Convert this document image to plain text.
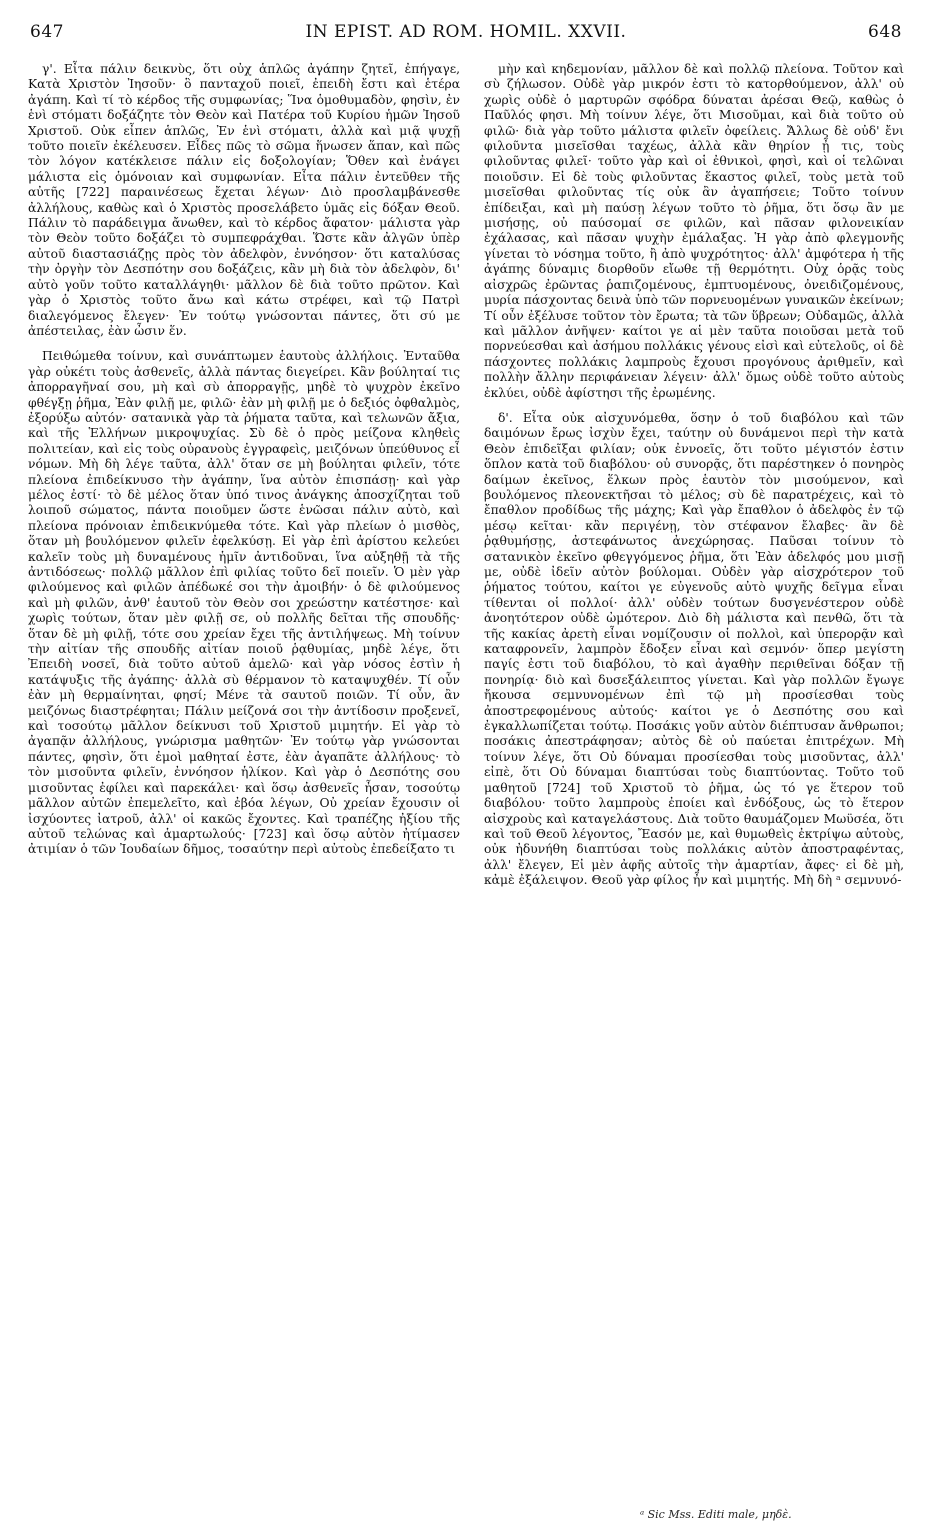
647	IN EPIST. AD ROM. HOMIL. XXVII.	648

γ'. Εἶτα πάλιν δεικνὺς, ὅτι οὐχ ἁπλῶς ἀγάπην ζητεῖ, ἐπήγαγε, Κατὰ Χριστὸν Ἰησοῦν· ὃ πανταχοῦ ποιεῖ, ἐπειδὴ ἔστι καὶ ἑτέρα ἀγάπη. Καὶ τί τὸ κέρδος τῆς συμφωνίας; Ἵνα ὁμοθυμαδὸν, φησὶν, ἐν ἑνὶ στόματι δοξάζητε τὸν Θεὸν καὶ Πατέρα τοῦ Κυρίου ἡμῶν Ἰησοῦ Χριστοῦ. Οὐκ εἶπεν ἁπλῶς, Ἐν ἑνὶ στόματι, ἀλλὰ καὶ μιᾷ ψυχῇ τοῦτο ποιεῖν ἐκέλευσεν. Εἶδες πῶς τὸ σῶμα ἥνωσεν ἅπαν, καὶ πῶς τὸν λόγον κατέκλεισε πάλιν εἰς δοξολογίαν; Ὅθεν καὶ ἐνάγει μάλιστα εἰς ὁμόνοιαν καὶ συμφωνίαν. Εἶτα πάλιν ἐντεῦθεν τῆς αὐτῆς [722] παραινέσεως ἔχεται λέγων· Διὸ προσλαμβάνεσθε ἀλλήλους, καθὼς καὶ ὁ Χριστὸς προσελάβετο ὑμᾶς εἰς δόξαν Θεοῦ. Πάλιν τὸ παράδειγμα ἄνωθεν, καὶ τὸ κέρδος ἄφατον· μάλιστα γὰρ τὸν Θεὸν τοῦτο δοξάζει τὸ συμπεφράχθαι. Ὥστε κἂν ἀλγῶν ὑπὲρ αὐτοῦ διαστασιάζῃς πρὸς τὸν ἀδελφὸν, ἐννόησον· ὅτι καταλύσας τὴν ὀργὴν τὸν Δεσπότην σου δοξάζεις, κἂν μὴ διὰ τὸν ἀδελφὸν, δι' αὐτὸ γοῦν τοῦτο καταλλάγηθι· μᾶλλον δὲ διὰ τοῦτο πρῶτον. Καὶ γὰρ ὁ Χριστὸς τοῦτο ἄνω καὶ κάτω στρέφει, καὶ τῷ Πατρὶ διαλεγόμενος ἔλεγεν· Ἐν τούτῳ γνώσονται πάντες, ὅτι σύ με ἀπέστειλας, ἐὰν ὦσιν ἕν.

Πειθώμεθα τοίνυν, καὶ συνάπτωμεν ἑαυτοὺς ἀλλήλοις. Ἐνταῦθα γὰρ οὐκέτι τοὺς ἀσθενεῖς, ἀλλὰ πάντας διεγείρει. Κἂν βούληταί τις ἀπορραγῆναί σου, μὴ καὶ σὺ ἀπορραγῇς, μηδὲ τὸ ψυχρὸν ἐκεῖνο φθέγξῃ ῥῆμα, Ἐὰν φιλῇ με, φιλῶ· ἐὰν μὴ φιλῇ με ὁ δεξιός ὀφθαλμὸς, ἐξορύξω αὐτόν· σατανικὰ γὰρ τὰ ῥήματα ταῦτα, καὶ τελωνῶν ἄξια, καὶ τῆς Ἑλλήνων μικροψυχίας. Σὺ δὲ ὁ πρὸς μείζονα κληθεὶς πολιτείαν, καὶ εἰς τοὺς οὐρανοὺς ἐγγραφεὶς, μειζόνων ὑπεύθυνος εἶ νόμων. Μὴ δὴ λέγε ταῦτα, ἀλλ' ὅταν σε μὴ βούληται φιλεῖν, τότε πλείονα ἐπιδείκνυσο τὴν ἀγάπην, ἵνα αὐτὸν ἐπισπάσῃ· καὶ γὰρ μέλος ἐστί· τὸ δὲ μέλος ὅταν ὑπό τινος ἀνάγκης ἀποσχίζηται τοῦ λοιποῦ σώματος, πάντα ποιοῦμεν ὥστε ἑνῶσαι πάλιν αὐτὸ, καὶ πλείονα πρόνοιαν ἐπιδεικνύμεθα τότε. Καὶ γὰρ πλείων ὁ μισθὸς, ὅταν μὴ βουλόμενον φιλεῖν ἐφελκύσῃ. Εἰ γὰρ ἐπὶ ἀρίστου κελεύει καλεῖν τοὺς μὴ δυναμένους ἡμῖν ἀντιδοῦναι, ἵνα αὐξηθῇ τὰ τῆς ἀντιδόσεως· πολλῷ μᾶλλον ἐπὶ φιλίας τοῦτο δεῖ ποιεῖν. Ὁ μὲν γὰρ φιλούμενος καὶ φιλῶν ἀπέδωκέ σοι τὴν ἀμοιβήν· ὁ δὲ φιλούμενος καὶ μὴ φιλῶν, ἀνθ' ἑαυτοῦ τὸν Θεὸν σοι χρεώστην κατέστησε· καὶ χωρὶς τούτων, ὅταν μὲν φιλῇ σε, οὐ πολλῆς δεῖται τῆς σπουδῆς· ὅταν δὲ μὴ φιλῇ, τότε σου χρείαν ἔχει τῆς ἀντιλήψεως. Μὴ τοίνυν τὴν αἰτίαν τῆς σπουδῆς αἰτίαν ποιοῦ ῥᾳθυμίας, μηδὲ λέγε, ὅτι Ἐπειδὴ νοσεῖ, διὰ τοῦτο αὐτοῦ ἀμελῶ· καὶ γὰρ νόσος ἐστὶν ἡ κατάψυξις τῆς ἀγάπης· ἀλλὰ σὺ θέρμανον τὸ καταψυχθέν. Τί οὖν ἐὰν μὴ θερμαίνηται, φησί; Μένε τὰ σαυτοῦ ποιῶν. Τί οὖν, ἂν μειζόνως διαστρέφηται; Πάλιν μείζονά σοι τὴν ἀντίδοσιν προξενεῖ, καὶ τοσούτῳ μᾶλλον δείκνυσι τοῦ Χριστοῦ μιμητήν. Εἰ γὰρ τὸ ἀγαπᾷν ἀλλήλους, γνώρισμα μαθητῶν· Ἐν τούτῳ γὰρ γνώσονται πάντες, φησὶν, ὅτι ἐμοὶ μαθηταί ἐστε, ἐὰν ἀγαπᾶτε ἀλλήλους· τὸ τὸν μισοῦντα φιλεῖν, ἐννόησον ἡλίκον. Καὶ γὰρ ὁ Δεσπότης σου μισοῦντας ἐφίλει καὶ παρεκάλει· καὶ ὅσῳ ἀσθενεῖς ἦσαν, τοσούτῳ μᾶλλον αὐτῶν ἐπεμελεῖτο, καὶ ἐβόα λέγων, Οὐ χρείαν ἔχουσιν οἱ ἰσχύοντες ἰατροῦ, ἀλλ' οἱ κακῶς ἔχοντες. Καὶ τραπέζης ἠξίου τῆς αὐτοῦ τελώνας καὶ ἁμαρτωλούς· [723] καὶ ὅσῳ αὐτὸν ἠτίμασεν ἀτιμίαν ὁ τῶν Ἰουδαίων δῆμος, τοσαύτην περὶ αὐτοὺς ἐπεδείξατο τι

μὴν καὶ κηδεμονίαν, μᾶλλον δὲ καὶ πολλῷ πλείονα. Τοῦτον καὶ σὺ ζήλωσον. Οὐδὲ γὰρ μικρόν ἐστι τὸ κατορθούμενον, ἀλλ' οὐ χωρὶς οὐδὲ ὁ μαρτυρῶν σφόδρα δύναται ἀρέσαι Θεῷ, καθὼς ὁ Παῦλός φησι. Μὴ τοίνυν λέγε, ὅτι Μισοῦμαι, καὶ διὰ τοῦτο οὐ φιλῶ· διὰ γὰρ τοῦτο μάλιστα φιλεῖν ὀφείλεις. Ἄλλως δὲ οὐδ' ἔνι φιλοῦντα μισεῖσθαι ταχέως, ἀλλὰ κἂν θηρίον ᾖ τις, τοὺς φιλοῦντας φιλεῖ· τοῦτο γὰρ καὶ οἱ ἐθνικοὶ, φησὶ, καὶ οἱ τελῶναι ποιοῦσιν. Εἰ δὲ τοὺς φιλοῦντας ἕκαστος φιλεῖ, τοὺς μετὰ τοῦ μισεῖσθαι φιλοῦντας τίς οὐκ ἂν ἀγαπήσειε; Τοῦτο τοίνυν ἐπίδειξαι, καὶ μὴ παύσῃ λέγων τοῦτο τὸ ῥῆμα, ὅτι ὅσῳ ἂν με μισήσῃς, οὐ παύσομαί σε φιλῶν, καὶ πᾶσαν φιλονεικίαν ἐχάλασας, καὶ πᾶσαν ψυχὴν ἐμάλαξας. Ἡ γὰρ ἀπὸ φλεγμονῆς γίνεται τὸ νόσημα τοῦτο, ἢ ἀπὸ ψυχρότητος· ἀλλ' ἀμφότερα ἡ τῆς ἀγάπης δύναμις διορθοῦν εἴωθε τῇ θερμότητι. Οὐχ ὁρᾷς τοὺς αἰσχρῶς ἐρῶντας ῥαπιζομένους, ἐμπτυομένους, ὀνειδιζομένους, μυρία πάσχοντας δεινὰ ὑπὸ τῶν πορνευομένων γυναικῶν ἐκείνων; Τί οὖν ἐξέλυσε τοῦτον τὸν ἔρωτα; τὰ τῶν ὕβρεων; Οὐδαμῶς, ἀλλὰ καὶ μᾶλλον ἀνῆψεν· καίτοι γε αἱ μὲν ταῦτα ποιοῦσαι μετὰ τοῦ πορνεύεσθαι καὶ ἀσήμου πολλάκις γένους εἰσὶ καὶ εὐτελοῦς, οἱ δὲ πάσχοντες πολλάκις λαμπροὺς ἔχουσι προγόνους ἀριθμεῖν, καὶ πολλὴν ἄλλην περιφάνειαν λέγειν· ἀλλ' ὅμως οὐδὲ τοῦτο αὐτοὺς ἐκλύει, οὐδὲ ἀφίστησι τῆς ἐρωμένης.

δ'. Εἶτα οὐκ αἰσχυνόμεθα, ὅσην ὁ τοῦ διαβόλου καὶ τῶν δαιμόνων ἔρως ἰσχὺν ἔχει, ταύτην οὐ δυνάμενοι περὶ τὴν κατὰ Θεὸν ἐπιδεῖξαι φιλίαν; οὐκ ἐννοεῖς, ὅτι τοῦτο μέγιστόν ἐστιν ὅπλον κατὰ τοῦ διαβόλου· οὐ συνορᾷς, ὅτι παρέστηκεν ὁ πονηρὸς δαίμων ἐκεῖνος, ἕλκων πρὸς ἑαυτὸν τὸν μισούμενον, καὶ βουλόμενος πλεονεκτῆσαι τὸ μέλος; σὺ δὲ παρατρέχεις, καὶ τὸ ἔπαθλον προδίδως τῆς μάχης; Καὶ γὰρ ἔπαθλον ὁ ἀδελφὸς ἐν τῷ μέσῳ κεῖται· κἂν περιγένῃ, τὸν στέφανον ἔλαβες· ἂν δὲ ῥᾳθυμήσῃς, ἀστεφάνωτος ἀνεχώρησας. Παῦσαι τοίνυν τὸ σατανικὸν ἐκεῖνο φθεγγόμενος ῥῆμα, ὅτι Ἐὰν ἀδελφός μου μισῇ με, οὐδὲ ἰδεῖν αὐτὸν βούλομαι. Οὐδὲν γὰρ αἰσχρότερον τοῦ ῥήματος τούτου, καίτοι γε εὐγενοῦς αὐτὸ ψυχῆς δεῖγμα εἶναι τίθενται οἱ πολλοί· ἀλλ' οὐδὲν τούτων δυσγενέστερον οὐδὲ ἀνοητότερον οὐδὲ ὠμότερον. Διὸ δὴ μάλιστα καὶ πενθῶ, ὅτι τὰ τῆς κακίας ἀρετὴ εἶναι νομίζουσιν οἱ πολλοὶ, καὶ ὑπερορᾷν καὶ καταφρονεῖν, λαμπρὸν ἔδοξεν εἶναι καὶ σεμνόν· ὅπερ μεγίστη παγίς ἐστι τοῦ διαβόλου, τὸ καὶ ἀγαθὴν περιθεῖναι δόξαν τῇ πονηρίᾳ· διὸ καὶ δυσεξάλειπτος γίνεται. Καὶ γὰρ πολλῶν ἔγωγε ἤκουσα σεμνυνομένων ἐπὶ τῷ μὴ προσίεσθαι τοὺς ἀποστρεφομένους αὐτούς· καίτοι γε ὁ Δεσπότης σου καὶ ἐγκαλλωπίζεται τούτῳ. Ποσάκις γοῦν αὐτὸν διέπτυσαν ἄνθρωποι; ποσάκις ἀπεστράφησαν; αὐτὸς δὲ οὐ παύεται ἐπιτρέχων. Μὴ τοίνυν λέγε, ὅτι Οὐ δύναμαι προσίεσθαι τοὺς μισοῦντας, ἀλλ' εἰπὲ, ὅτι Οὐ δύναμαι διαπτύσαι τοὺς διαπτύοντας. Τοῦτο τοῦ μαθητοῦ [724] τοῦ Χριστοῦ τὸ ῥῆμα, ὡς τό γε ἕτερον τοῦ διαβόλου· τοῦτο λαμπροὺς ἐποίει καὶ ἐνδόξους, ὡς τὸ ἕτερον αἰσχροὺς καὶ καταγελάστους. Διὰ τοῦτο θαυμάζομεν Μωϋσέα, ὅτι καὶ τοῦ Θεοῦ λέγοντος, Ἔασόν με, καὶ θυμωθεὶς ἐκτρίψω αὐτοὺς, οὐκ ἠδυνήθη διαπτύσαι τοὺς πολλάκις αὐτὸν ἀποστραφέντας, ἀλλ' ἔλεγεν, Εἰ μὲν ἀφῆς αὐτοῖς τὴν ἁμαρτίαν, ἄφες· εἰ δὲ μὴ, κἀμὲ ἐξάλειψον. Θεοῦ γὰρ φίλος ἦν καὶ μιμητής. Μὴ δὴ ᵃ σεμνυνό-

ᵃ Sic Mss. Editi male, μηδὲ.
